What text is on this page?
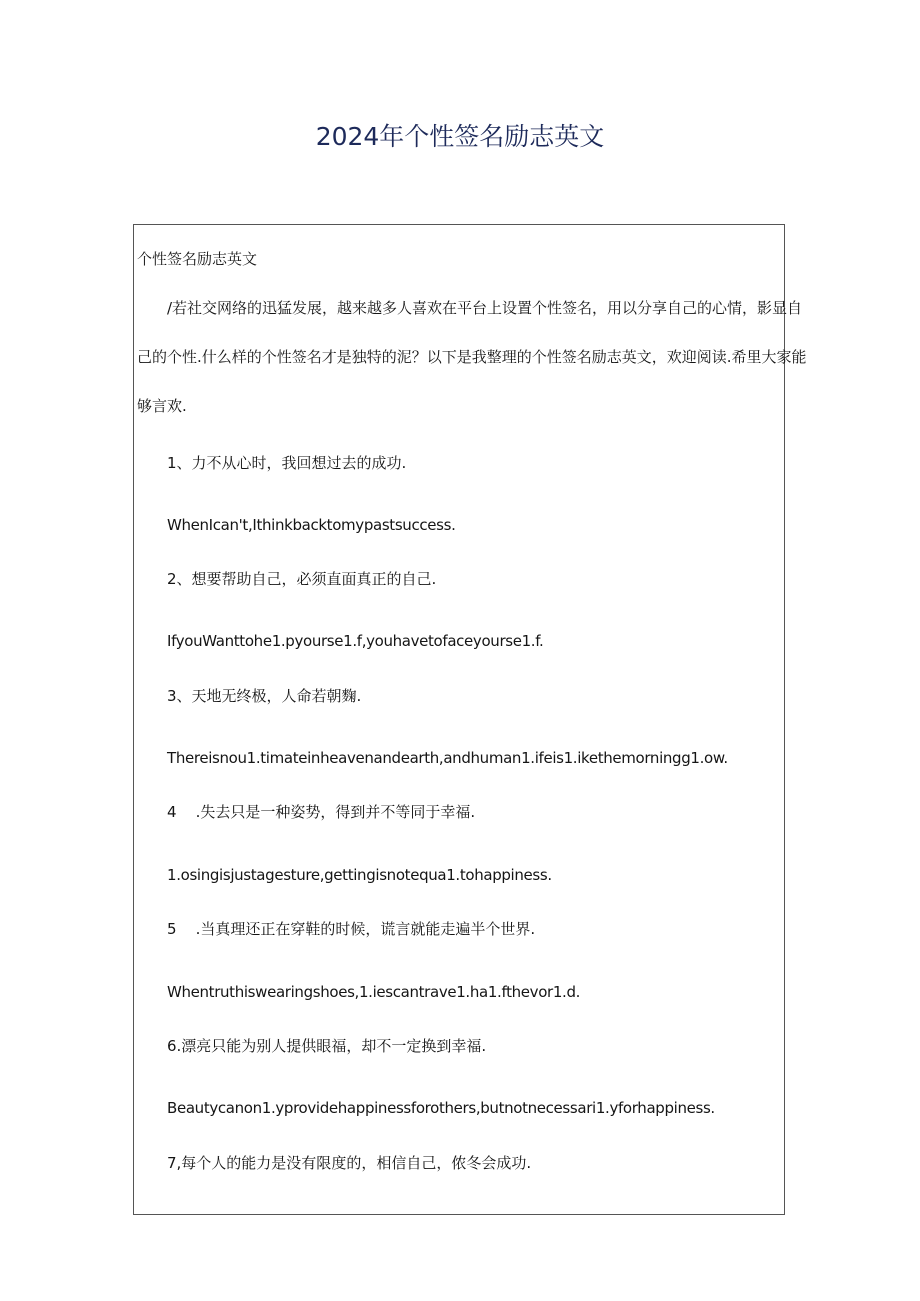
2024年个性签名励志英文
个性签名励志英文
/若社交网络的迅猛发展，越来越多人喜欢在平台上设置个性签名，用以分享自己的心情，影显自
己的个性.什么样的个性签名才是独特的泥？以下是我整理的个性签名励志英文，欢迎阅读.希里大家能
够言欢.
1、力不从心时，我回想过去的成功.
WhenIcan't,Ithinkbacktomypastsuccess.
2、想要帮助自己，必须直面真正的自己.
IfyouWanttohe1.pyourse1.f,youhavetofaceyourse1.f.
3、天地无终极，人命若朝麴.
Thereisnou1.timateinheavenandearth,andhuman1.ifeis1.ikethemorningg1.ow.
4    .失去只是一种姿势，得到并不等同于幸福.
1.osingisjustagesture,gettingisnotequa1.tohappiness.
5    .当真理还正在穿鞋的时候，谎言就能走遍半个世界.
Whentruthiswearingshoes,1.iescantrave1.ha1.fthevor1.d.
6.漂亮只能为别人提供眼福，却不一定换到幸福.
Beautycanon1.yprovidehappinessforothers,butnotnecessari1.yforhappiness.
7,每个人的能力是没有限度的，相信自己，侬冬会成功.
